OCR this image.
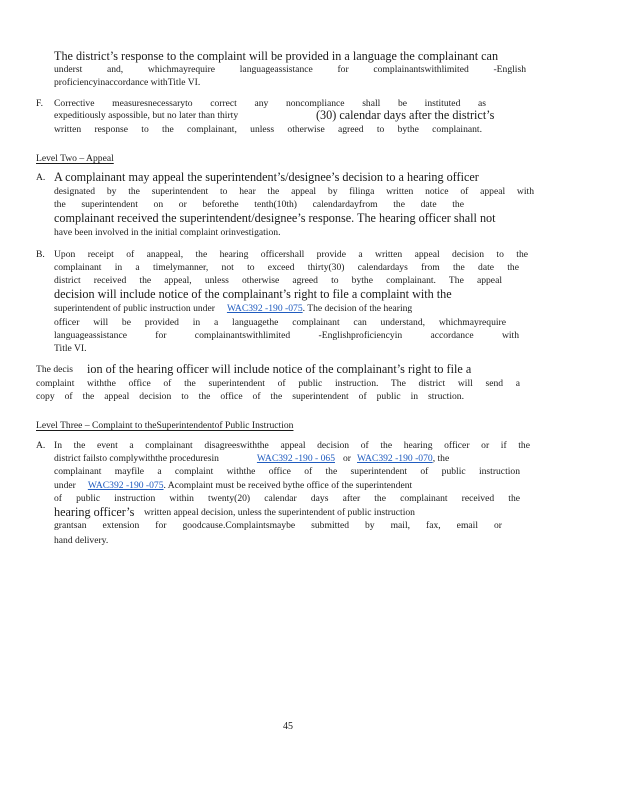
The district’s response to the complaint will be provided in a language the complainant can
underst and, whichmayrequire languageassistance for complainantswithlimited -English
proficiencyinaccordance withTitle VI.
F. Corrective measuresnecessaryto correct any noncompliance shall be instituted as
expeditiously aspossible, but no later than thirty	(30) calendar days after the district’s
written response to the complainant, unless otherwise agreed to bythe complainant.
Level Two – Appeal
A. A complainant may appeal the superintendent’s/designee’s decision to a hearing officer
designated by the superintendent to hear the appeal by filinga written notice of appeal with
the superintendent on or beforethe tenth(10th) calendardayfrom the date the
complainant received the superintendent/designee’s response. The hearing officer shall not
have been involved in the initial complaint orinvestigation.
B. Upon receipt of anappeal, the hearing officershall provide a written appeal decision to the
complainant in a timelymanner, not to exceed thirty(30) calendardays from the date the
district received the appeal, unless otherwise agreed to bythe complainant. The appeal
decision will include notice of the complainant’s right to file a complaint with the
superintendent of public instruction under WAC392 -190 -075. The decision of the hearing
officer will be provided in a languagethe complainant can understand, whichmayrequire
languageassistance for complainantswithlimited -Englishproficiencyin accordance with
Title VI.
The decis ion of the hearing officer will include notice of the complainant’s right to file a
complaint withthe office of the superintendent of public instruction. The district will send a
copy of the appeal decision to the office of the superintendent of public in struction.
Level Three – Complaint to theSuperintendentof Public Instruction
A. In the event a complainant disagreeswiththe appeal decision of the hearing officer or if the
district failsto complywiththe proceduresin	WAC392 -190 - 065 or WAC392 -190 -070, the
complainant mayfile a complaint withthe office of the superintendent of public instruction
under WAC392 -190 -075. Acomplaint must be received bythe office of the superintendent
of public instruction within twenty(20) calendar days after the complainant received the
hearing officer’s written appeal decision, unless the superintendent of public instruction
grantsan extension for goodcause.Complaintsmaybe submitted by mail, fax, email or
hand delivery.
45
